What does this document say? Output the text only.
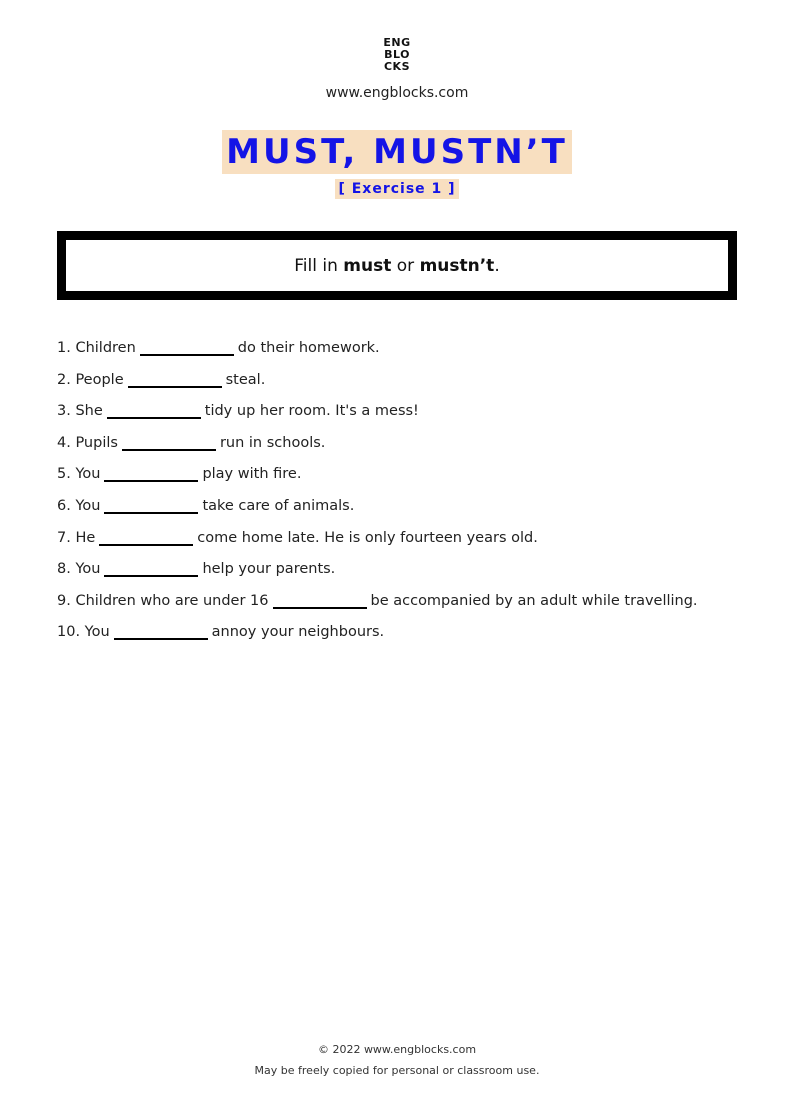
ENG
BLO
CKS
www.engblocks.com
MUST, MUSTN’T
[ Exercise 1 ]
Fill in must or mustn’t .
1. Children	do their homework.
2. People	steal.
3. She	tidy up her room. It's a mess!
4. Pupils	run in schools.
5. You	play with fire.
6. You	take care of animals.
7. He	come home late. He is only fourteen years old.
8. You	help your parents.
9. Children who are under 16	be accompanied by an adult while travelling.
10. You	annoy your neighbours.
© 2022 www.engblocks.com
May be freely copied for personal or classroom use.
